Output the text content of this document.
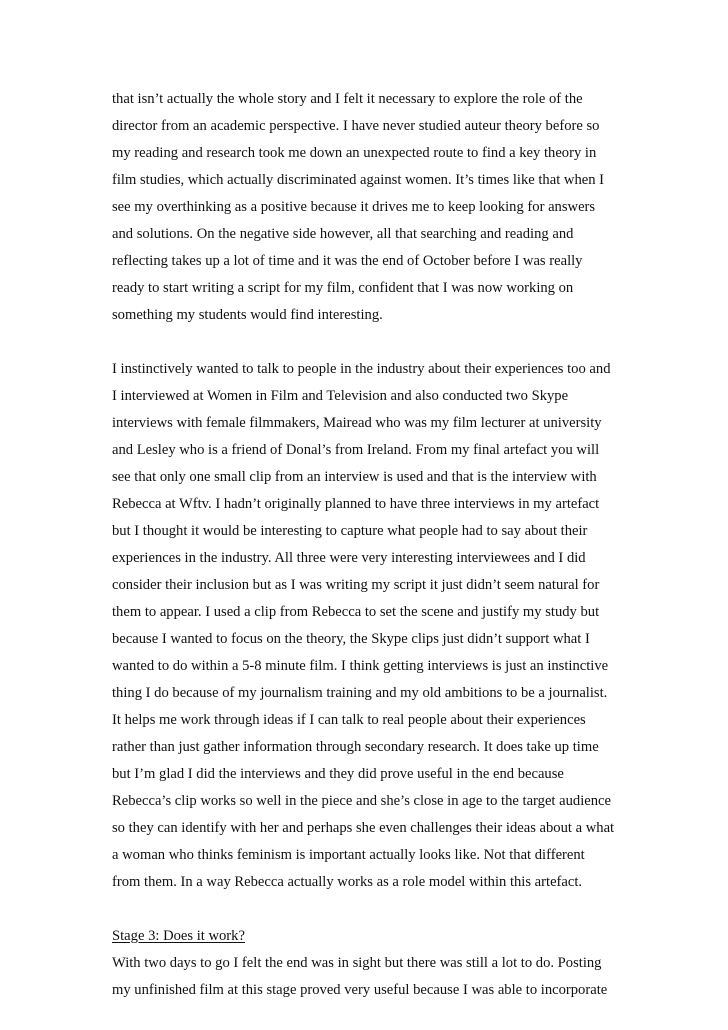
that isn’t actually the whole story and I felt it necessary to explore the role of the
director from an academic perspective. I have never studied auteur theory before so
my reading and research took me down an unexpected route to find a key theory in
film studies, which actually discriminated against women. It’s times like that when I
see my overthinking as a positive because it drives me to keep looking for answers
and solutions. On the negative side however, all that searching and reading and
reflecting takes up a lot of time and it was the end of October before I was really
ready to start writing a script for my film, confident that I was now working on
something my students would find interesting.
I instinctively wanted to talk to people in the industry about their experiences too and
I interviewed at Women in Film and Television and also conducted two Skype
interviews with female filmmakers, Mairead who was my film lecturer at university
and Lesley who is a friend of Donal’s from Ireland. From my final artefact you will
see that only one small clip from an interview is used and that is the interview with
Rebecca at Wftv. I hadn’t originally planned to have three interviews in my artefact
but I thought it would be interesting to capture what people had to say about their
experiences in the industry. All three were very interesting interviewees and I did
consider their inclusion but as I was writing my script it just didn’t seem natural for
them to appear. I used a clip from Rebecca to set the scene and justify my study but
because I wanted to focus on the theory, the Skype clips just didn’t support what I
wanted to do within a 5-8 minute film. I think getting interviews is just an instinctive
thing I do because of my journalism training and my old ambitions to be a journalist.
It helps me work through ideas if I can talk to real people about their experiences
rather than just gather information through secondary research. It does take up time
but I’m glad I did the interviews and they did prove useful in the end because
Rebecca’s clip works so well in the piece and she’s close in age to the target audience
so they can identify with her and perhaps she even challenges their ideas about a what
a woman who thinks feminism is important actually looks like. Not that different
from them. In a way Rebecca actually works as a role model within this artefact.
Stage 3: Does it work?
With two days to go I felt the end was in sight but there was still a lot to do. Posting
my unfinished film at this stage proved very useful because I was able to incorporate
